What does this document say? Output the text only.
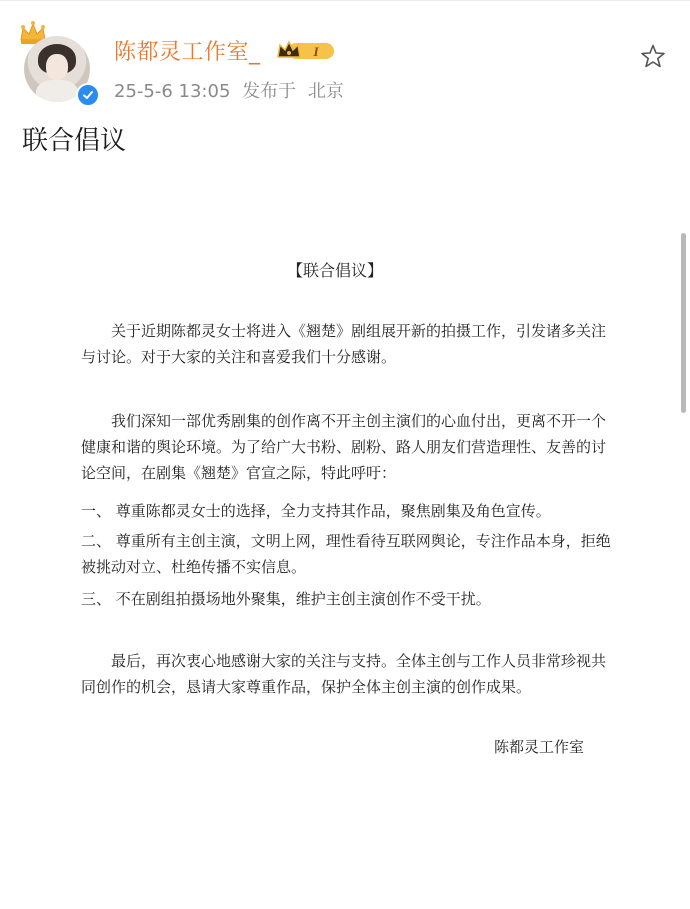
陈都灵工作室_	I
25-5-6 13:05 发布于 北京
联合倡议
【联合倡议】

关于近期陈都灵女士将进入《翘楚》剧组展开新的拍摄工作，引发诸多关注与讨论。对于大家的关注和喜爱我们十分感谢。

我们深知一部优秀剧集的创作离不开主创主演们的心血付出，更离不开一个健康和谐的舆论环境。为了给广大书粉、剧粉、路人朋友们营造理性、友善的讨论空间，在剧集《翘楚》官宣之际，特此呼吁：

一、 尊重陈都灵女士的选择，全力支持其作品，聚焦剧集及角色宣传。

二、 尊重所有主创主演，文明上网，理性看待互联网舆论，专注作品本身，拒绝被挑动对立、杜绝传播不实信息。

三、 不在剧组拍摄场地外聚集，维护主创主演创作不受干扰。

最后，再次衷心地感谢大家的关注与支持。全体主创与工作人员非常珍视共同创作的机会，恳请大家尊重作品，保护全体主创主演的创作成果。

陈都灵工作室
